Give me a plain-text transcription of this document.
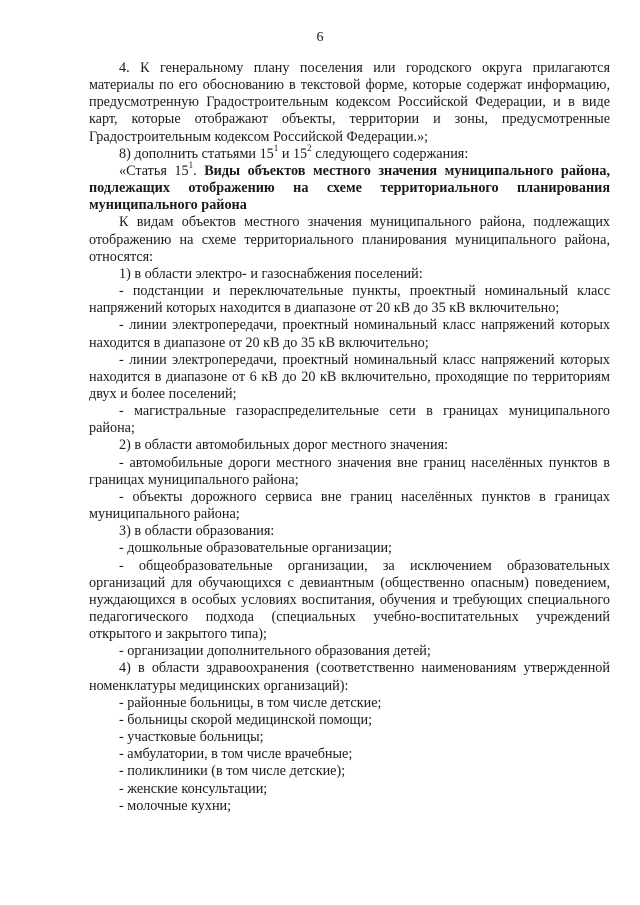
6

4. К генеральному плану поселения или городского округа прилагаются материалы по его обоснованию в текстовой форме, которые содержат информацию, предусмотренную Градостроительным кодексом Российской Федерации, и в виде карт, которые отображают объекты, территории и зоны, предусмотренные Градостроительным кодексом Российской Федерации.»;

8) дополнить статьями $15^1$ и $15^2$ следующего содержания:

«Статья $15^1$. Виды объектов местного значения муниципального района, подлежащих отображению на схеме территориального планирования муниципального района

К видам объектов местного значения муниципального района, подлежащих отображению на схеме территориального планирования муниципального района, относятся:

1) в области электро- и газоснабжения поселений:

- подстанции и переключательные пункты, проектный номинальный класс напряжений которых находится в диапазоне от 20 кВ до 35 кВ включительно;

- линии электропередачи, проектный номинальный класс напряжений которых находится в диапазоне от 20 кВ до 35 кВ включительно;

- линии электропередачи, проектный номинальный класс напряжений которых находится в диапазоне от 6 кВ до 20 кВ включительно, проходящие по территориям двух и более поселений;

- магистральные газораспределительные сети в границах муниципального района;

2) в области автомобильных дорог местного значения:

- автомобильные дороги местного значения вне границ населённых пунктов в границах муниципального района;

- объекты дорожного сервиса вне границ населённых пунктов в границах муниципального района;

3) в области образования:

- дошкольные образовательные организации;

- общеобразовательные организации, за исключением образовательных организаций для обучающихся с девиантным (общественно опасным) поведением, нуждающихся в особых условиях воспитания, обучения и требующих специального педагогического подхода (специальных учебно-воспитательных учреждений открытого и закрытого типа);

- организации дополнительного образования детей;

4) в области здравоохранения (соответственно наименованиям утвержденной номенклатуры медицинских организаций):

- районные больницы, в том числе детские;

- больницы скорой медицинской помощи;

- участковые больницы;

- амбулатории, в том числе врачебные;

- поликлиники (в том числе детские);

- женские консультации;

- молочные кухни;
